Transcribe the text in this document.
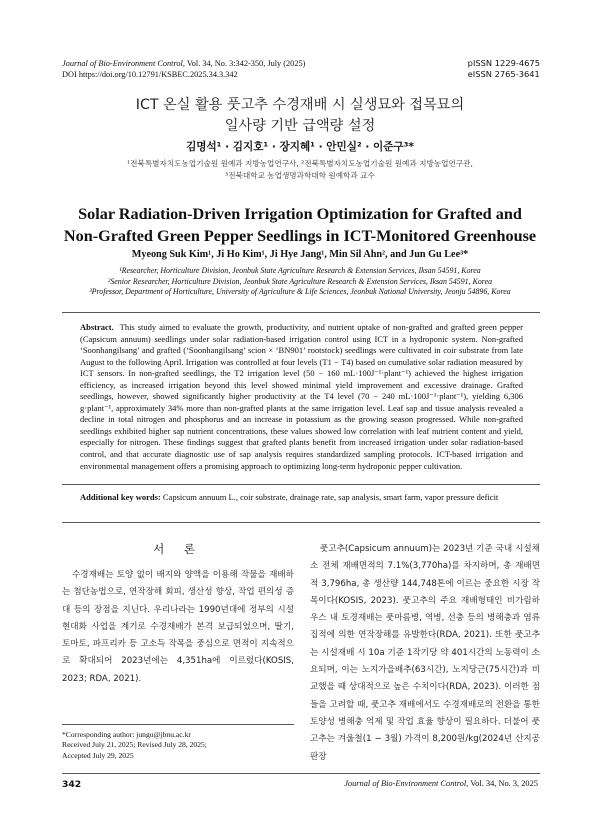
Journal of Bio-Environment Control, Vol. 34, No. 3:342-350, July (2025)
DOI https://doi.org/10.12791/KSBEC.2025.34.3.342
pISSN 1229-4675
eISSN 2765-3641
ICT 온실 활용 풋고추 수경재배 시 실생묘와 접목묘의
일사량 기반 급액량 설정
김명석¹ · 김지호¹ · 장지혜¹ · 안민실² · 이준구³*
¹전북특별자치도농업기술원 원예과 지방농업연구사, ²전북특별자치도농업기술원 원예과 지방농업연구관,
³전북대학교 농업생명과학대학 원예학과 교수
Solar Radiation-Driven Irrigation Optimization for Grafted and
Non-Grafted Green Pepper Seedlings in ICT-Monitored Greenhouse
Myeong Suk Kim¹, Ji Ho Kim¹, Ji Hye Jang¹, Min Sil Ahn², and Jun Gu Lee³*
¹Researcher, Horticulture Division, Jeonbuk State Agriculture Research & Extension Services, Iksan 54591, Korea
²Senior Researcher, Horticulture Division, Jeonbuk State Agriculture Research & Extension Services, Iksan 54591, Korea
³Professor, Department of Horticulture, University of Agriculture & Life Sciences, Jeonbuk National University, Jeonju 54896, Korea
Abstract. This study aimed to evaluate the growth, productivity, and nutrient uptake of non-grafted and grafted green pepper (Capsicum annuum) seedlings under solar radiation-based irrigation control using ICT in a hydroponic system. Non-grafted ‘Soonhangilsang’ and grafted (‘Soonhangilsang’ scion × ‘BN901’ rootstock) seedlings were cultivated in coir substrate from late August to the following April. Irrigation was controlled at four levels (T1 − T4) based on cumulative solar radiation measured by ICT sensors. In non-grafted seedlings, the T2 irrigation level (50 − 160 mL·100J⁻¹·plant⁻¹) achieved the highest irrigation efficiency, as increased irrigation beyond this level showed minimal yield improvement and excessive drainage. Grafted seedlings, however, showed significantly higher productivity at the T4 level (70 − 240 mL·100J⁻¹·plant⁻¹), yielding 6,306 g·plant⁻¹, approximately 34% more than non-grafted plants at the same irrigation level. Leaf sap and tissue analysis revealed a decline in total nitrogen and phosphorus and an increase in potassium as the growing season progressed. While non-grafted seedlings exhibited higher sap nutrient concentrations, these values showed low correlation with leaf nutrient content and yield, especially for nitrogen. These findings suggest that grafted plants benefit from increased irrigation under solar radiation-based control, and that accurate diagnostic use of sap analysis requires standardized sampling protocols. ICT-based irrigation and environmental management offers a promising approach to optimizing long-term hydroponic pepper cultivation.
Additional key words: Capsicum annuum L., coir substrate, drainage rate, sap analysis, smart farm, vapor pressure deficit
서 론
수경재배는 토양 없이 배지와 양액을 이용해 작물을 재배하는 첨단농법으로, 연작장해 회피, 생산성 향상, 작업 편의성 증대 등의 장점을 지닌다. 우리나라는 1990년대에 정부의 시설현대화 사업을 계기로 수경재배가 본격 보급되었으며, 딸기, 토마토, 파프리카 등 고소득 작목을 중심으로 면적이 지속적으로 확대되어 2023년에는 4,351ha에 이르렀다(KOSIS, 2023; RDA, 2021).
풋고추(Capsicum annuum)는 2023년 기준 국내 시설채소 전체 재배면적의 7.1%(3,770ha)를 차지하며, 총 재배면적 3,796ha, 총 생산량 144,748톤에 이르는 중요한 시장 작목이다(KOSIS, 2023). 풋고추의 주요 재배형태인 비가림하우스 내 토경재배는 풋마름병, 역병, 선충 등의 병해충과 염류 집적에 의한 연작장해를 유발한다(RDA, 2021). 또한 풋고추는 시설재배 시 10a 기준 1작기당 약 401시간의 노동력이 소요되며, 이는 노지가을배추(63시간), 노지당근(75시간)과 비교했을 때 상대적으로 높은 수치이다(RDA, 2023). 이러한 점들을 고려할 때, 풋고추 재배에서도 수경재배로의 전환을 통한 토양성 병해충 억제 및 작업 효율 향상이 필요하다. 더불어 풋고추는 겨울철(1 − 3월) 가격이 8,200원/kg(2024년 산지공판장
*Corresponding author: jungu@jbnu.ac.kr
Received July 21, 2025; Revised July 28, 2025;
Accepted July 29, 2025
342	Journal of Bio-Environment Control, Vol. 34, No. 3, 2025
